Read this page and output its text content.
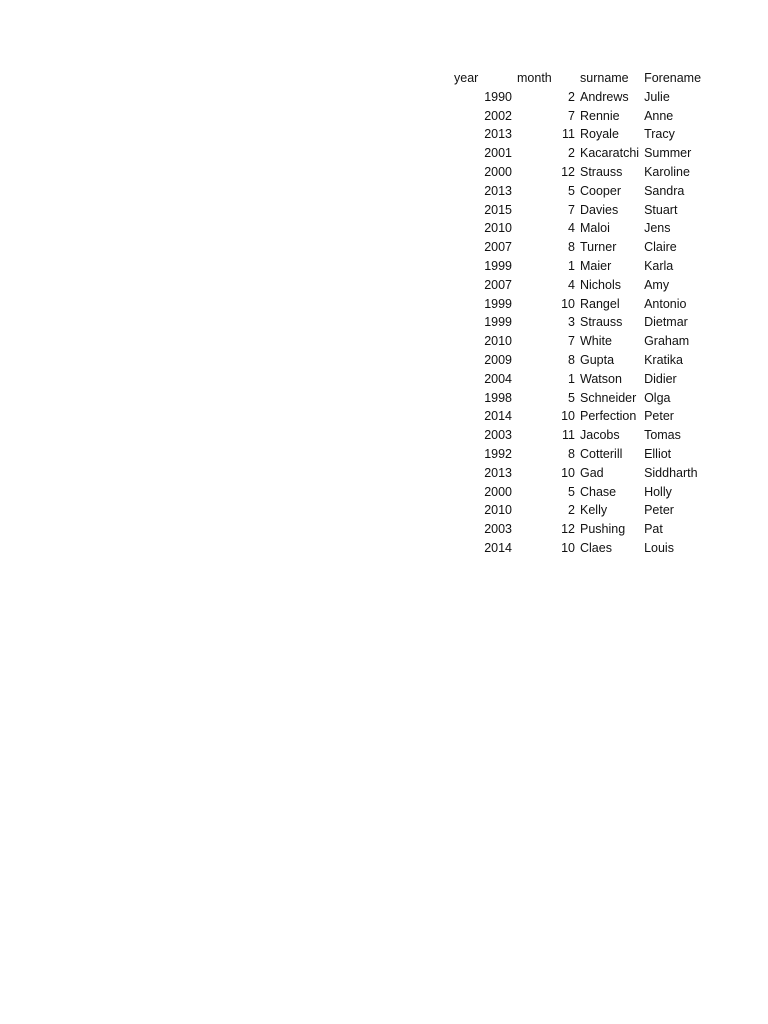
year	month	surname	Forename
1990	2	Andrews	Julie
2002	7	Rennie	Anne
2013	11	Royale	Tracy
2001	2	Kacaratchi	Summer
2000	12	Strauss	Karoline
2013	5	Cooper	Sandra
2015	7	Davies	Stuart
2010	4	Maloi	Jens
2007	8	Turner	Claire
1999	1	Maier	Karla
2007	4	Nichols	Amy
1999	10	Rangel	Antonio
1999	3	Strauss	Dietmar
2010	7	White	Graham
2009	8	Gupta	Kratika
2004	1	Watson	Didier
1998	5	Schneider	Olga
2014	10	Perfection	Peter
2003	11	Jacobs	Tomas
1992	8	Cotterill	Elliot
2013	10	Gad	Siddharth
2000	5	Chase	Holly
2010	2	Kelly	Peter
2003	12	Pushing	Pat
2014	10	Claes	Louis
